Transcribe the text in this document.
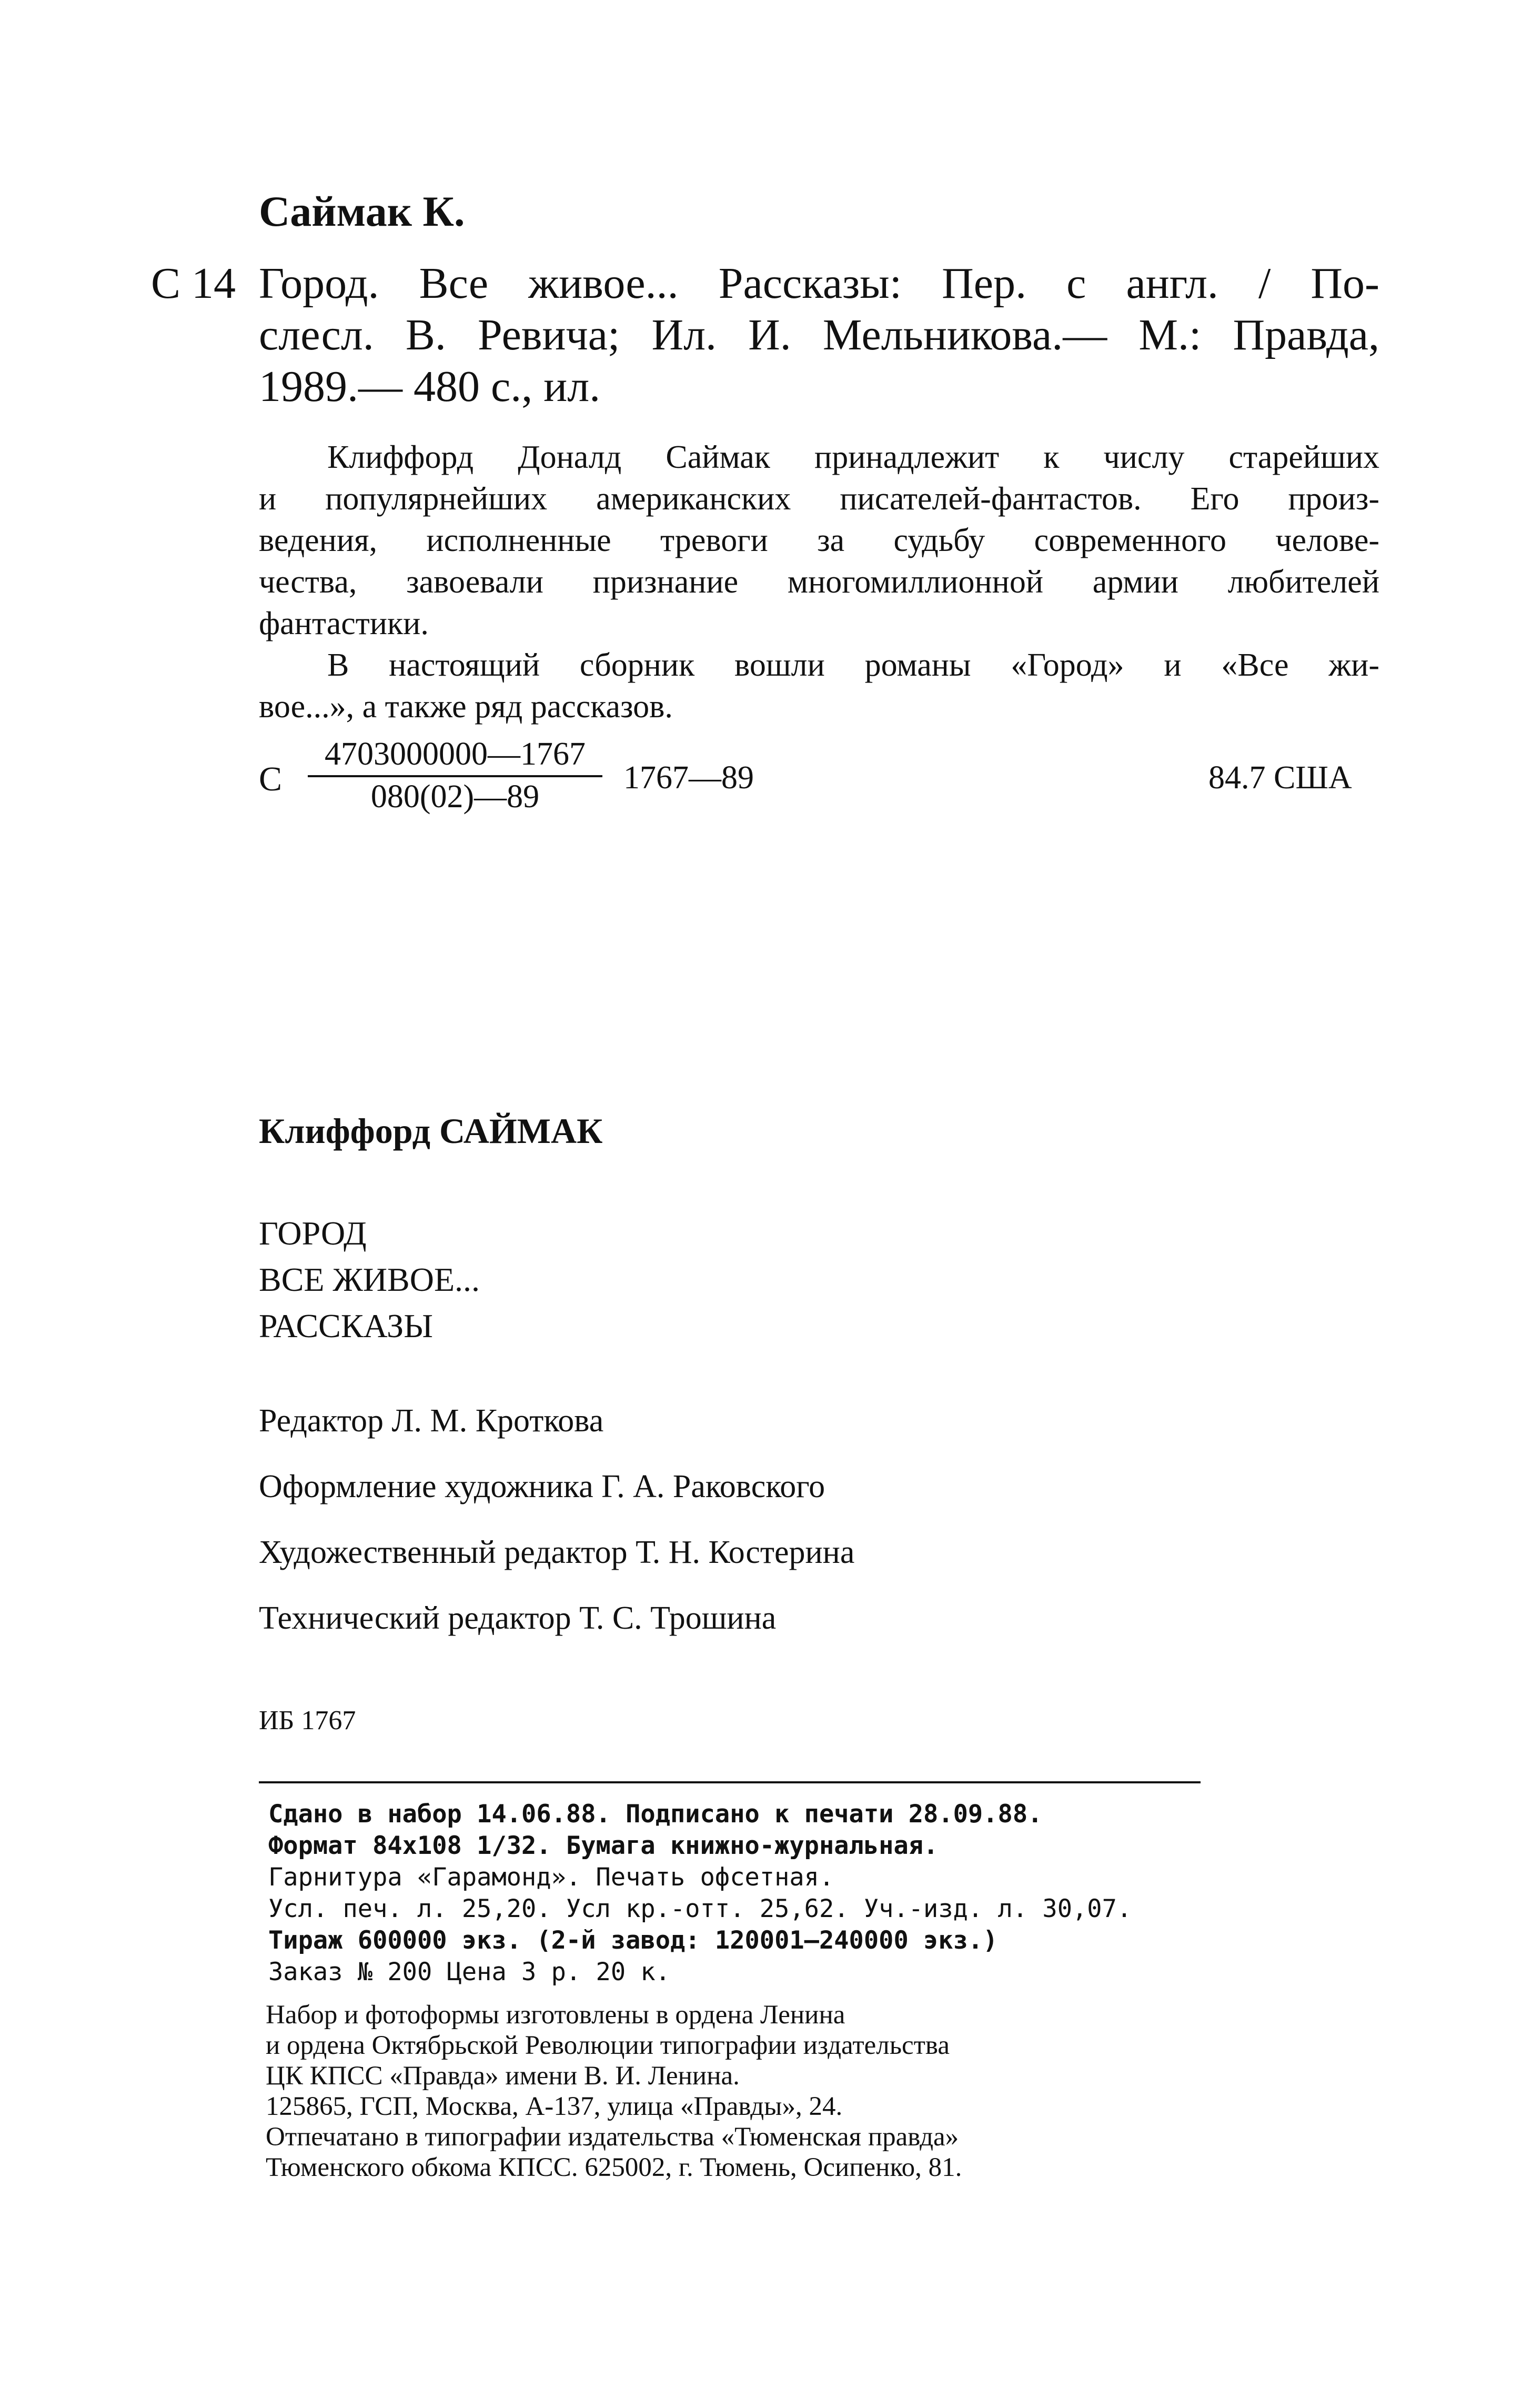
Саймак К.
С 14 Город. Все живое... Рассказы: Пер. с англ. / По-
слесл. В. Ревича; Ил. И. Мельникова.— М.: Правда,
1989.— 480 с., ил.
Клиффорд Доналд Саймак принадлежит к числу старейших
и популярнейших американских писателей-фантастов. Его произ-
ведения, исполненные тревоги за судьбу современного челове-
чества, завоевали признание многомиллионной армии любителей
фантастики.
В настоящий сборник вошли романы «Город» и «Все жи-
вое...», а также ряд рассказов.
С $\frac{4703000000—1767}{080(02)—89}$ 1767—89	84.7 США
Клиффорд САЙМАК
ГОРОД
ВСЕ ЖИВОЕ...
РАССКАЗЫ
Редактор Л. М. Кроткова
Оформление художника Г. А. Раковского
Художественный редактор Т. Н. Костерина
Технический редактор Т. С. Трошина
ИБ 1767
Сдано в набор 14.06.88. Подписано к печати 28.09.88.
Формат 84x108 1/32. Бумага книжно-журнальная.
Гарнитура «Гарамонд». Печать офсетная.
Усл. печ. л. 25,20. Усл кр.-отт. 25,62. Уч.-изд. л. 30,07.
Тираж 600000 экз. (2-й завод: 120001—240000 экз.)
Заказ № 200 Цена 3 р. 20 к.
Набор и фотоформы изготовлены в ордена Ленина
и ордена Октябрьской Революции типографии издательства
ЦК КПСС «Правда» имени В. И. Ленина.
125865, ГСП, Москва, А-137, улица «Правды», 24.
Отпечатано в типографии издательства «Тюменская правда»
Тюменского обкома КПСС. 625002, г. Тюмень, Осипенко, 81.
